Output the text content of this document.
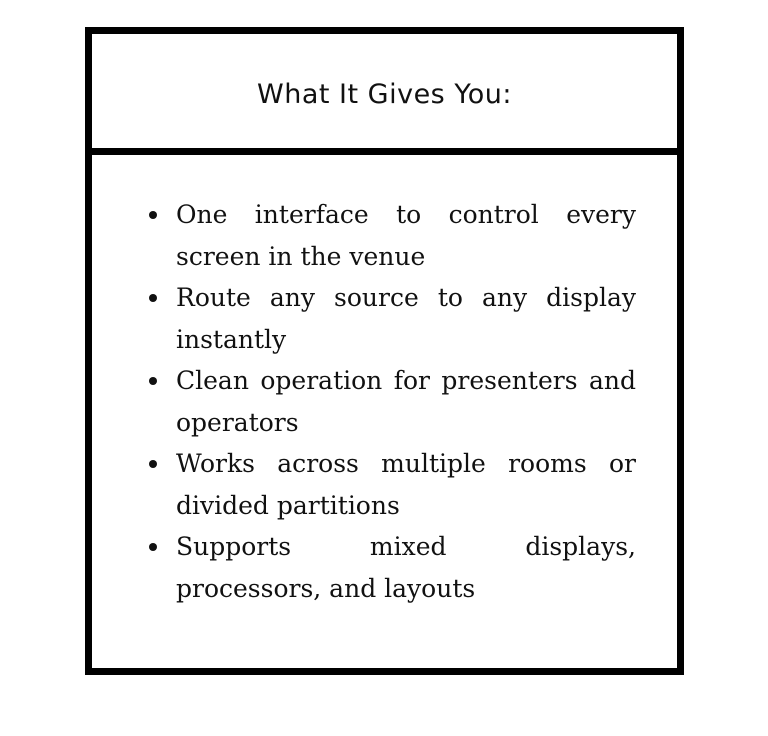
What It Gives You:
One interface to control every screen in the venue
Route any source to any display instantly
Clean operation for presenters and operators
Works across multiple rooms or divided partitions
Supports mixed displays, processors, and layouts
